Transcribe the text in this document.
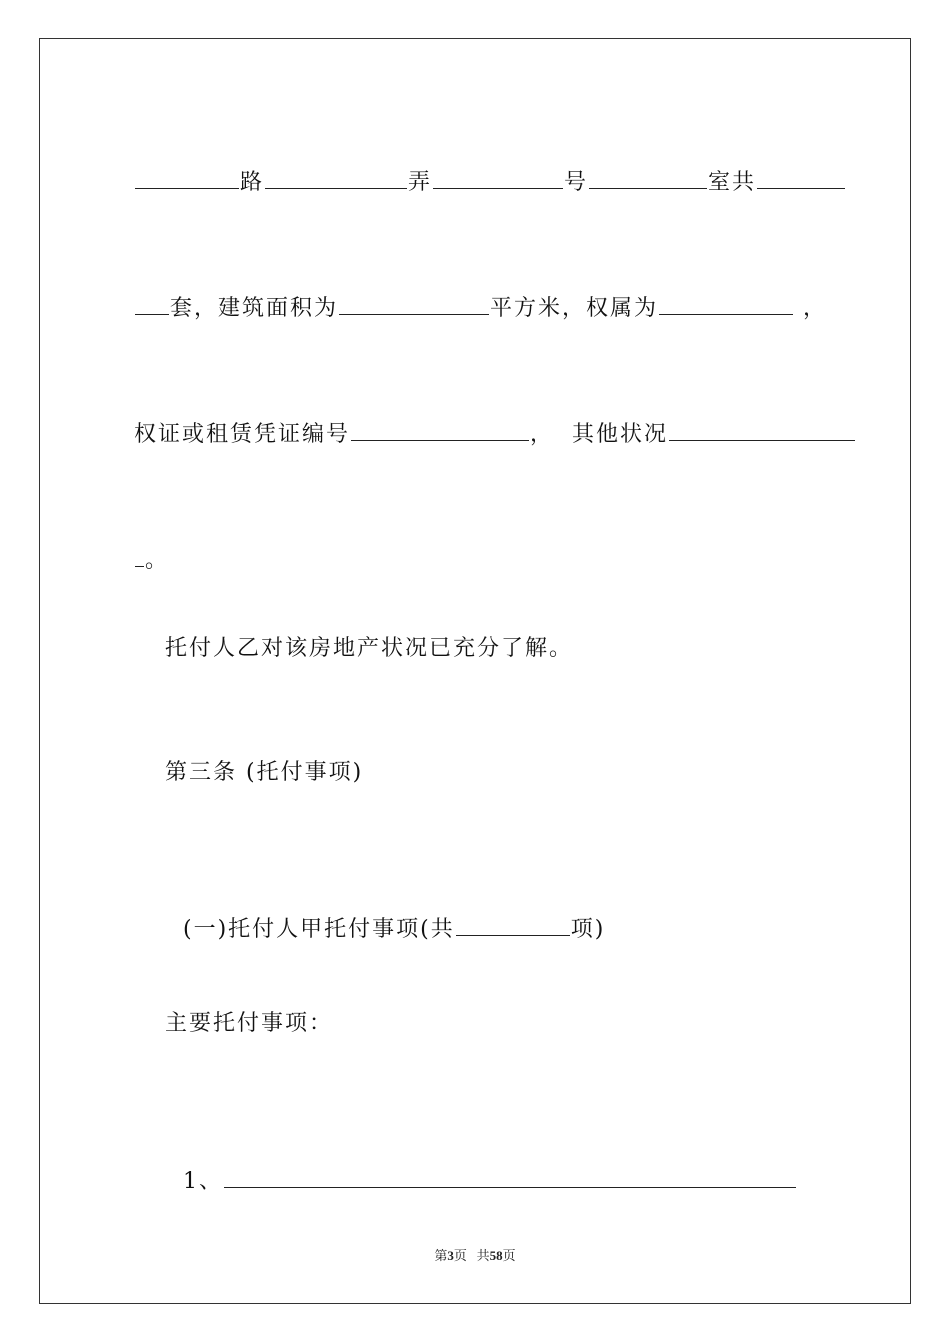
路	弄	号	室共

套，建筑面积为	平方米，权属为	，

权证或租赁凭证编号	， 其他状况

。

托付人乙对该房地产状况已充分了解。
第三条 (托付事项)

(一)托付人甲托付事项(共	项)

主要托付事项：

1、

第3页 共58页
